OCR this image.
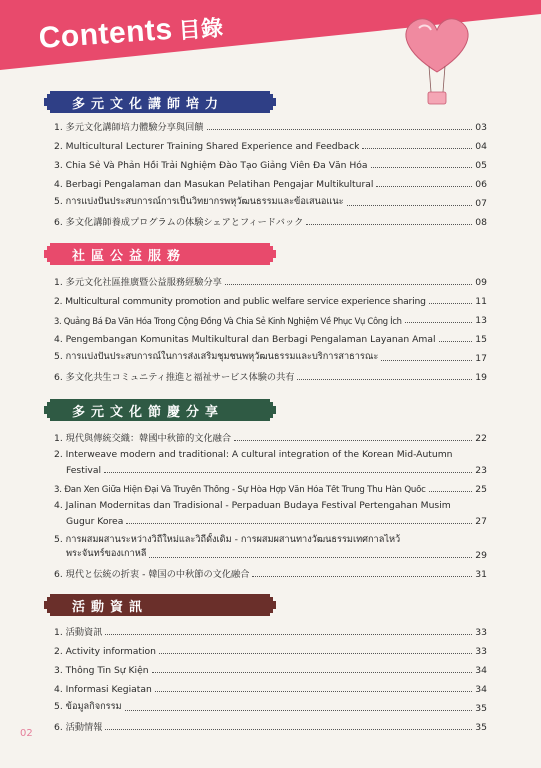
Contents 目錄
多元文化講師培力
1. 多元文化講師培力體驗分享與回饋	03
2. Multicultural Lecturer Training Shared Experience and Feedback	04
3. Chia Sẻ Và Phản Hồi Trải Nghiệm Đào Tạo Giảng Viên Đa Văn Hóa	05
4. Berbagi Pengalaman dan Masukan Pelatihan Pengajar Multikultural	06
5. การแบ่งปันประสบการณ์การเป็นวิทยากรพหุวัฒนธรรมและข้อเสนอแนะ	07
6. 多文化講師養成プログラムの体験シェアとフィードバック	08
社區公益服務
1. 多元文化社區推廣暨公益服務經驗分享	09
2. Multicultural community promotion and public welfare service experience sharing	11
3. Quảng Bá Đa Văn Hóa Trong Cộng Đồng Và Chia Sẻ Kinh Nghiệm Về Phục Vụ Công Ích	13
4. Pengembangan Komunitas Multikultural dan Berbagi Pengalaman Layanan Amal	15
5. การแบ่งปันประสบการณ์ในการส่งเสริมชุมชนพหุวัฒนธรรมและบริการสาธารณะ	17
6. 多文化共生コミュニティ推進と福祉サービス体験の共有	19
多元文化節慶分享
1. 現代與傳統交織：韓國中秋節的文化融合	22
2. Interweave modern and traditional: A cultural integration of the Korean Mid-Autumn
Festival	23
3. Đan Xen Giữa Hiện Đại Và Truyền Thống - Sự Hòa Hợp Văn Hóa Tết Trung Thu Hàn Quốc	25
4. Jalinan Modernitas dan Tradisional - Perpaduan Budaya Festival Pertengahan Musim
Gugur Korea	27
5. การผสมผสานระหว่างวิถีใหม่และวิถีดั้งเดิม - การผสมผสานทางวัฒนธรรมเทศกาลไหว้
พระจันทร์ของเกาหลี	29
6. 現代と伝統の折衷 - 韓国の中秋節の文化融合	31
活動資訊
1. 活動資訊	33
2. Activity information	33
3. Thông Tin Sự Kiện	34
4. Informasi Kegiatan	34
5. ข้อมูลกิจกรรม	35
6. 活動情報	35
02
